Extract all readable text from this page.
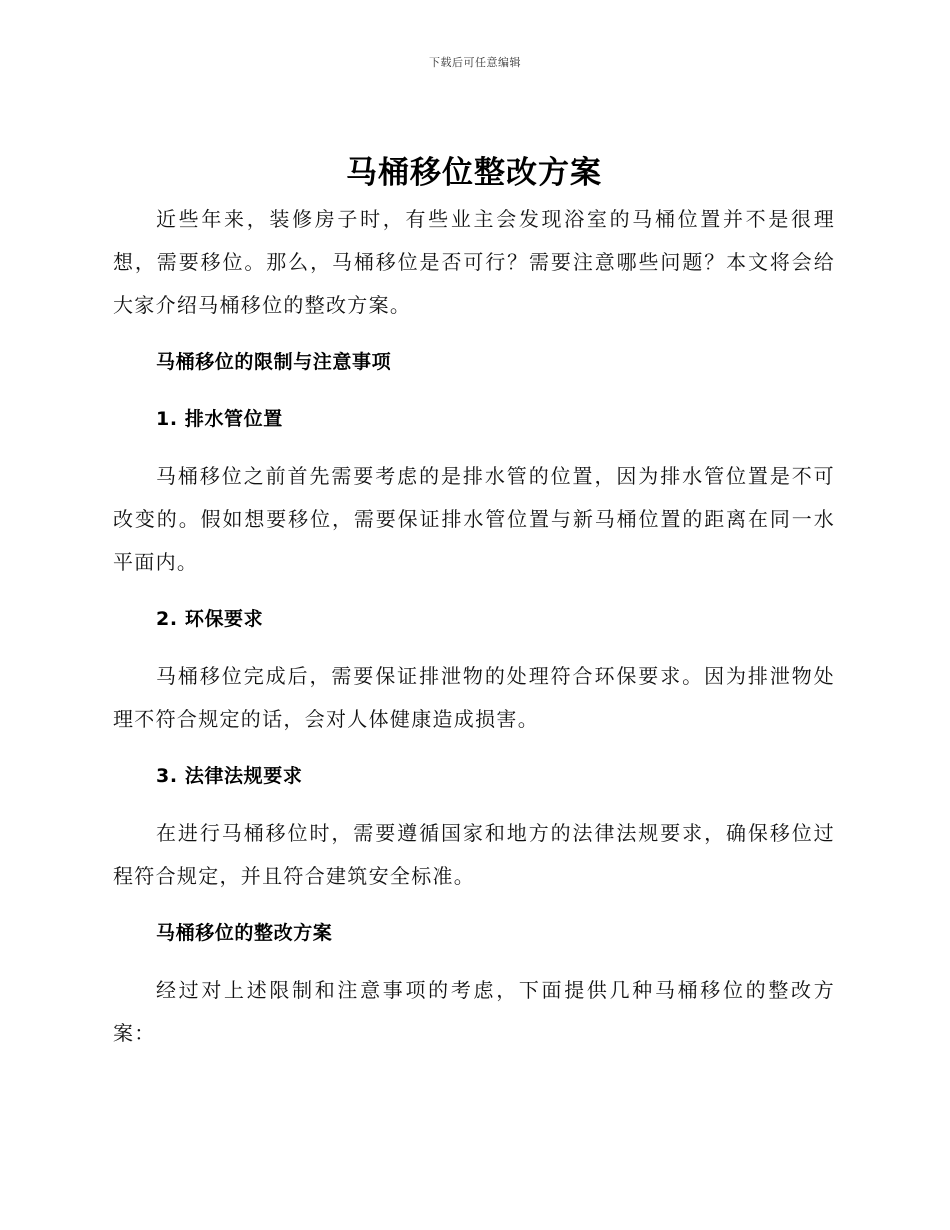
下载后可任意编辑
马桶移位整改方案

近些年来，装修房子时，有些业主会发现浴室的马桶位置并不是很理想，需要移位。那么，马桶移位是否可行？需要注意哪些问题？本文将会给大家介绍马桶移位的整改方案。

马桶移位的限制与注意事项
1. 排水管位置

马桶移位之前首先需要考虑的是排水管的位置，因为排水管位置是不可改变的。假如想要移位，需要保证排水管位置与新马桶位置的距离在同一水平面内。

2. 环保要求

马桶移位完成后，需要保证排泄物的处理符合环保要求。因为排泄物处理不符合规定的话，会对人体健康造成损害。

3. 法律法规要求

在进行马桶移位时，需要遵循国家和地方的法律法规要求，确保移位过程符合规定，并且符合建筑安全标准。

马桶移位的整改方案

经过对上述限制和注意事项的考虑，下面提供几种马桶移位的整改方案：
